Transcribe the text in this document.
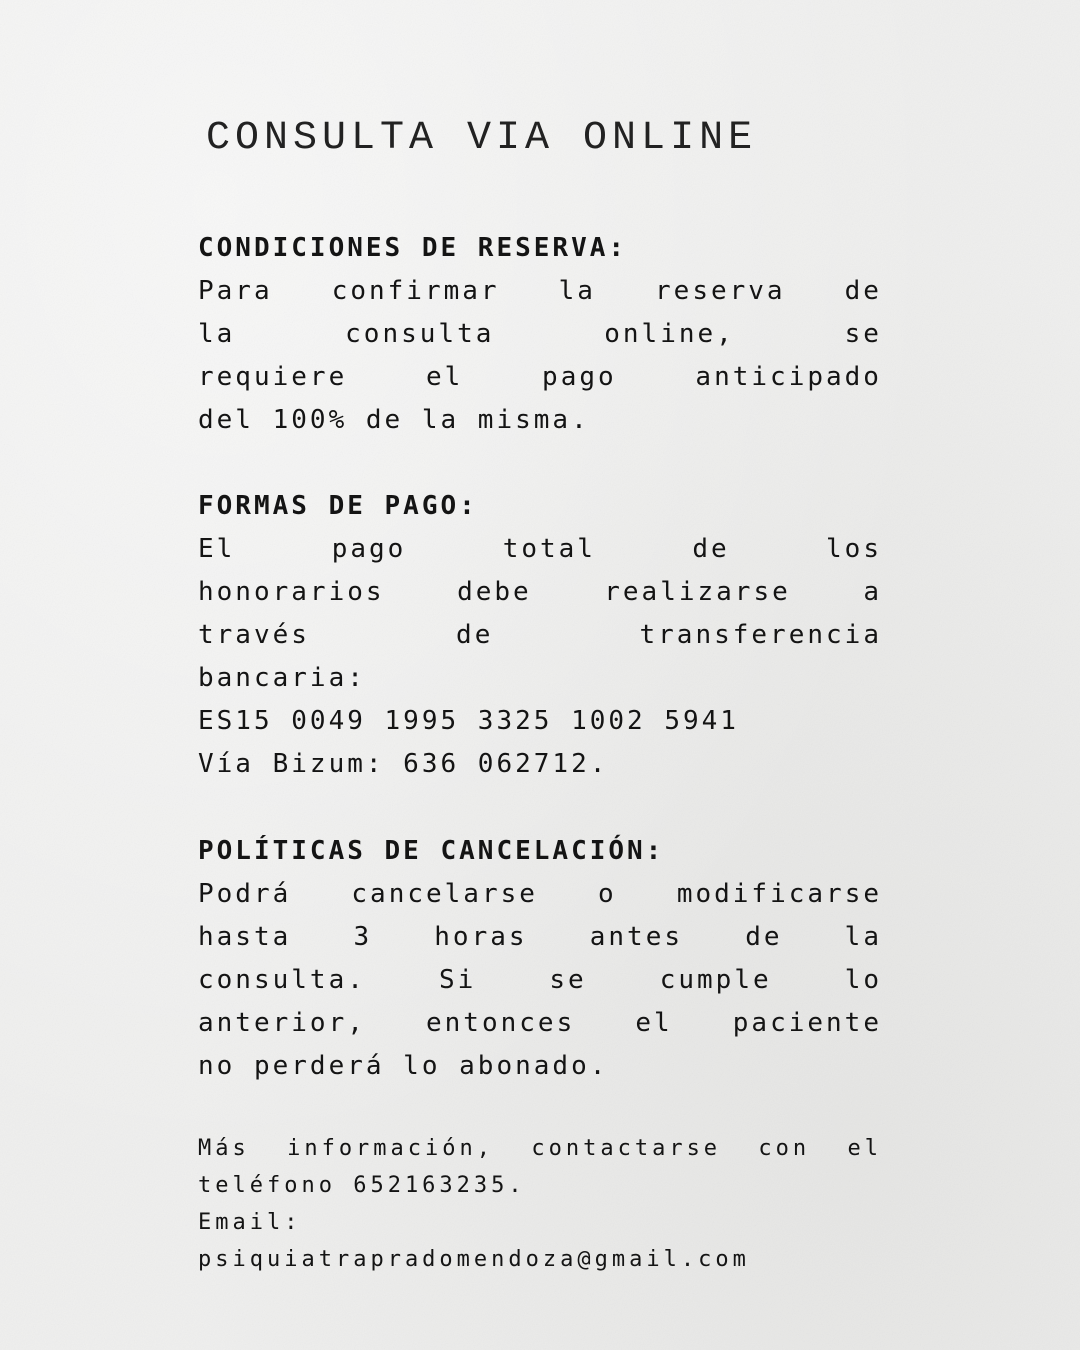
CONSULTA VIA ONLINE

CONDICIONES DE RESERVA:

Para confirmar la reserva de
la	consulta	online,	se
requiere	el	pago	anticipado
del 100% de la misma.

FORMAS DE PAGO:

El	pago	total	de	los
honorarios	debe	realizarse	a
través	de	transferencia
bancaria:
ES15 0049 1995 3325 1002 5941
Vía Bizum: 636 062712.

POLÍTICAS DE CANCELACIÓN:

Podrá cancelarse o modificarse
hasta 3 horas antes de la
consulta.	Si	se	cumple	lo
anterior, entonces el paciente
no perderá lo abonado.
Más información, contactarse con el
teléfono 652163235.
Email:
psiquiatrapradomendoza@gmail.com
